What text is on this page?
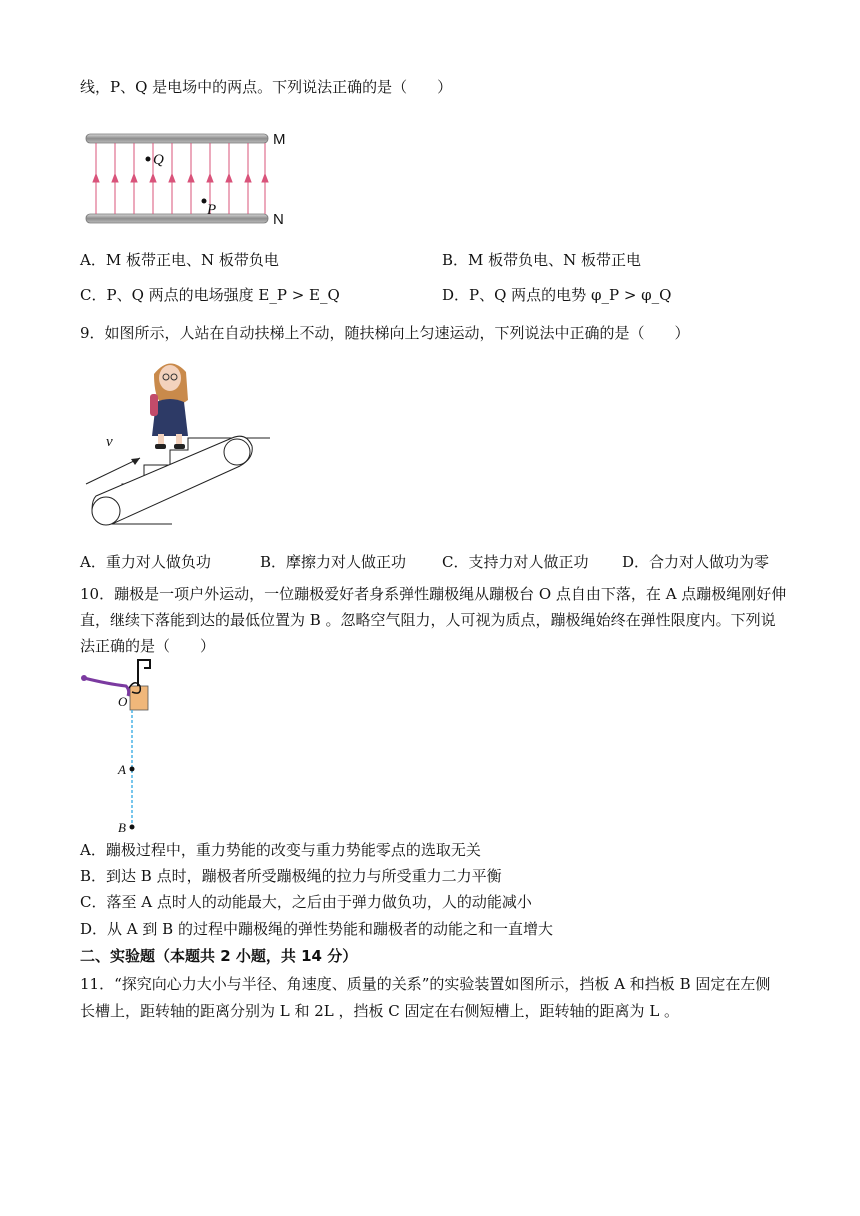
线，P、Q 是电场中的两点。下列说法正确的是（　　）
Q
P
M
N
A．M 板带正电、N 板带负电	B．M 板带负电、N 板带正电
C．P、Q 两点的电场强度 E_P > E_Q	D．P、Q 两点的电势 φ_P > φ_Q
9．如图所示，人站在自动扶梯上不动，随扶梯向上匀速运动，下列说法中正确的是（　　）
v
A．重力对人做负功	B．摩擦力对人做正功 C．支持力对人做正功 D．合力对人做功为零
10．蹦极是一项户外运动，一位蹦极爱好者身系弹性蹦极绳从蹦极台 O 点自由下落，在 A 点蹦极绳刚好伸
直，继续下落能到达的最低位置为 B 。忽略空气阻力，人可视为质点，蹦极绳始终在弹性限度内。下列说
法正确的是（　　）
O
A
B
A．蹦极过程中，重力势能的改变与重力势能零点的选取无关
B．到达 B 点时，蹦极者所受蹦极绳的拉力与所受重力二力平衡
C．落至 A 点时人的动能最大，之后由于弹力做负功，人的动能减小
D．从 A 到 B 的过程中蹦极绳的弹性势能和蹦极者的动能之和一直增大
二、实验题（本题共 2 小题，共 14 分）
11．“探究向心力大小与半径、角速度、质量的关系”的实验装置如图所示，挡板 A 和挡板 B 固定在左侧
长槽上，距转轴的距离分别为 L 和 2L ，挡板 C 固定在右侧短槽上，距转轴的距离为 L 。
